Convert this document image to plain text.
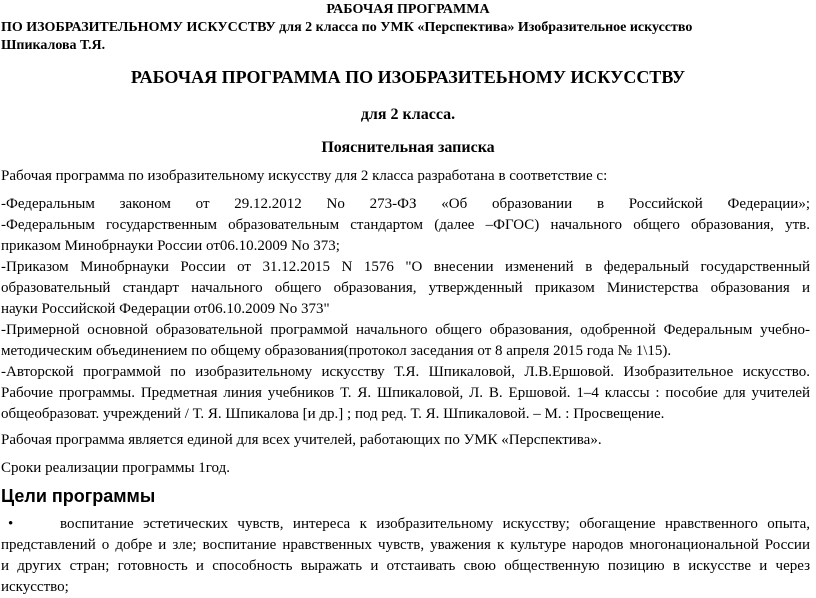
РАБОЧАЯ ПРОГРАММА
ПО ИЗОБРАЗИТЕЛЬНОМУ ИСКУССТВУ для 2 класса по УМК «Перспектива» Изобразительное искусство
Шпикалова Т.Я.
РАБОЧАЯ ПРОГРАММА ПО ИЗОБРАЗИТЕЬНОМУ ИСКУССТВУ
для 2 класса.
Пояснительная записка
Рабочая программа по изобразительному искусству для 2 класса разработана в соответствие с:
-Федеральным законом от 29.12.2012 No 273-ФЗ «Об образовании в Российской Федерации»;
-Федеральным государственным образовательным стандартом (далее –ФГОС) начального общего образования, утв.
приказом Минобрнауки России от06.10.2009 No 373;
-Приказом Минобрнауки России от 31.12.2015 N 1576 "О внесении изменений в федеральный государственный
образовательный стандарт начального общего образования, утвержденный приказом Министерства образования и
науки Российской Федерации от06.10.2009 No 373"
-Примерной основной образовательной программой начального общего образования, одобренной Федеральным учебно-
методическим объединением по общему образования(протокол заседания от 8 апреля 2015 года № 1\15).
-Авторской программой по изобразительному искусству Т.Я. Шпикаловой, Л.В.Ершовой. Изобразительное искусство.
Рабочие программы. Предметная линия учебников Т. Я. Шпикаловой, Л. В. Ершовой. 1–4 классы : пособие для учителей
общеобразоват. учреждений / Т. Я. Шпикалова [и др.] ; под ред. Т. Я. Шпикаловой. – М. : Просвещение.
Рабочая программа является единой для всех учителей, работающих по УМК «Перспектива».
Сроки реализации программы 1год.
Цели программы
•	воспитание эстетических чувств, интереса к изобразительному искусству; обогащение нравственного опыта,
представлений о добре и зле; воспитание нравственных чувств, уважения к культуре народов многонациональной России
и других стран; готовность и способность выражать и отстаивать свою общественную позицию в искусстве и через
искусство;
